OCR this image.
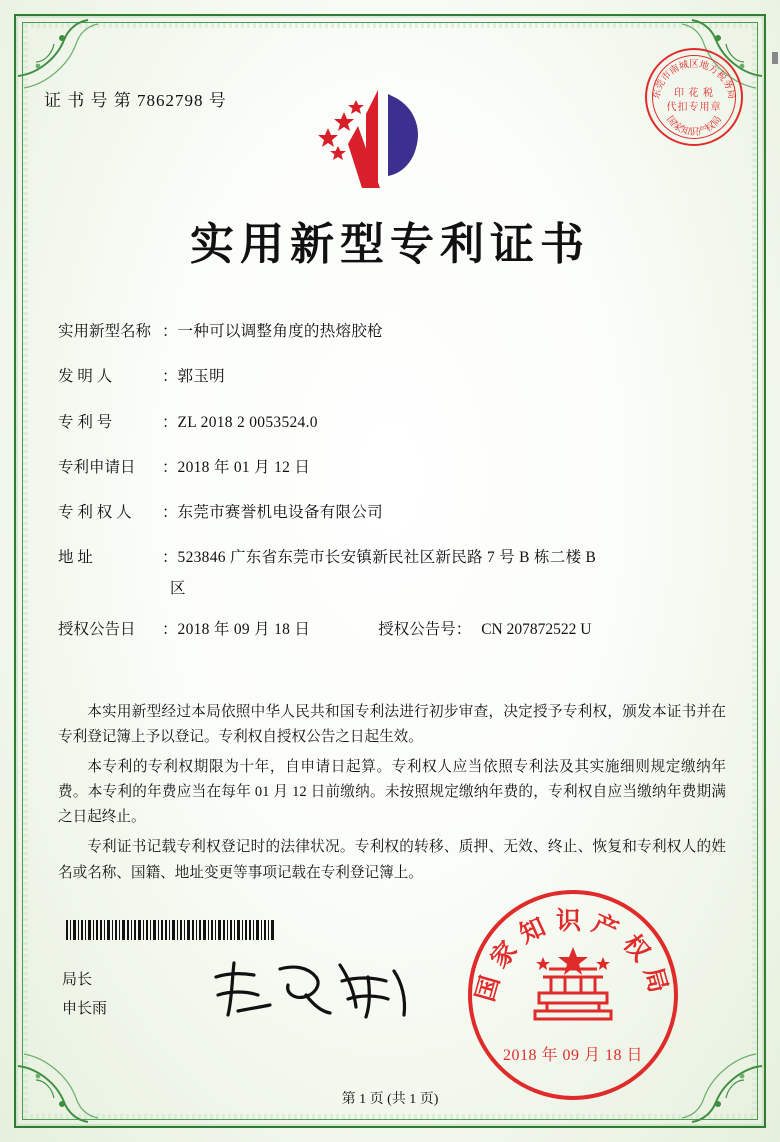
证 书 号 第 7862798 号	东莞市南城区地方税务局
国家知识产权局
印 花 税
代扣专用章
实用新型专利证书
实用新型名称 ： 一种可以调整角度的热熔胶枪
发 明 人	： 郭玉明
专 利 号	： ZL 2018 2 0053524.0
专利申请日	： 2018 年 01 月 12 日
专 利 权 人	： 东莞市赛誉机电设备有限公司
地 址	： 523846 广东省东莞市长安镇新民社区新民路 7 号 B 栋二楼 B
区
授权公告日	： 2018 年 09 月 18 日	授权公告号： CN 207872522 U

本实用新型经过本局依照中华人民共和国专利法进行初步审查，决定授予专利权，颁发本证书并在专利登记簿上予以登记。专利权自授权公告之日起生效。

本专利的专利权期限为十年，自申请日起算。专利权人应当依照专利法及其实施细则规定缴纳年费。本专利的年费应当在每年 01 月 12 日前缴纳。未按照规定缴纳年费的，专利权自应当缴纳年费期满之日起终止。

专利证书记载专利权登记时的法律状况。专利权的转移、质押、无效、终止、恢复和专利权人的姓名或名称、国籍、地址变更等事项记载在专利登记簿上。

局长
申长雨
国家知识产权局
2018 年 09 月 18 日
第 1 页 (共 1 页)
